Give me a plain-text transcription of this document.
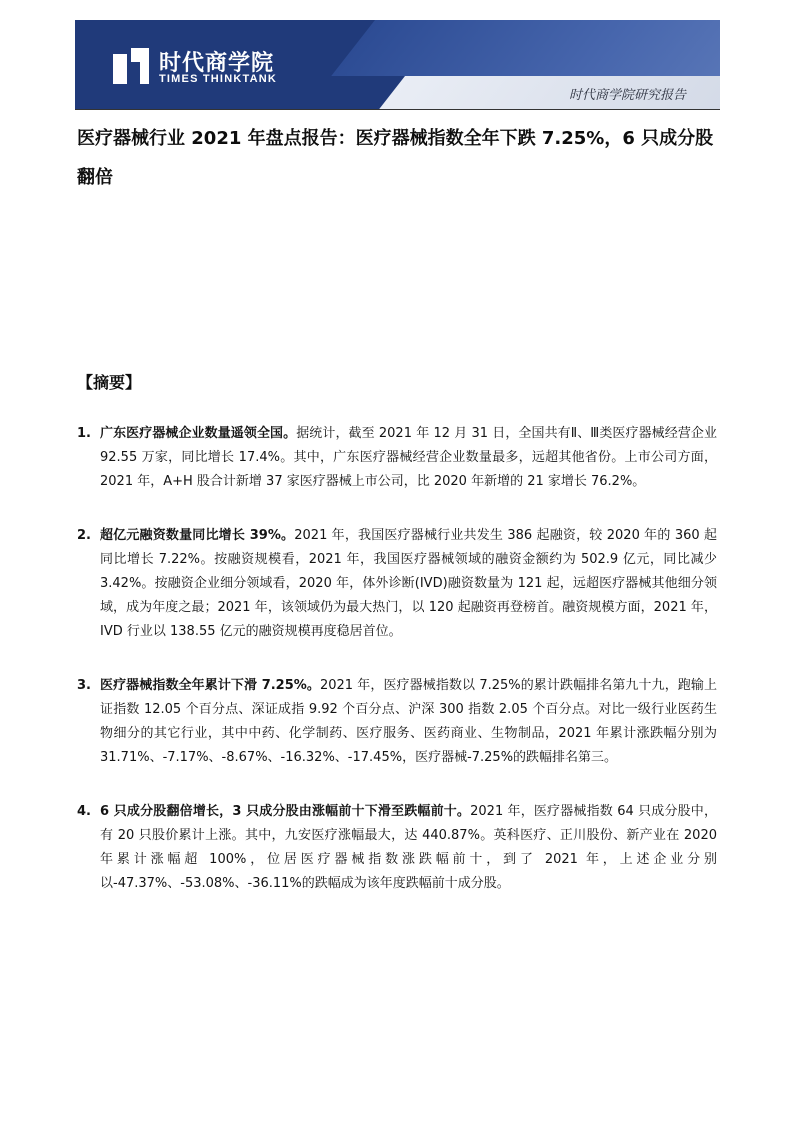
时代商学院
TIMES THINKTANK
时代商学院研究报告
医疗器械行业 2021 年盘点报告：医疗器械指数全年下跌 7.25%，6 只成分股翻倍
【摘要】
1. 广东医疗器械企业数量遥领全国。据统计，截至 2021 年 12 月 31 日，全国共有Ⅱ、Ⅲ类医疗器械经营企业 92.55 万家，同比增长 17.4%。其中，广东医疗器械经营企业数量最多，远超其他省份。上市公司方面，2021 年，A+H 股合计新增 37 家医疗器械上市公司，比 2020 年新增的 21 家增长 76.2%。
2. 超亿元融资数量同比增长 39%。2021 年，我国医疗器械行业共发生 386 起融资，较 2020 年的 360 起同比增长 7.22%。按融资规模看，2021 年，我国医疗器械领域的融资金额约为 502.9 亿元，同比减少 3.42%。按融资企业细分领域看，2020 年，体外诊断(IVD)融资数量为 121 起，远超医疗器械其他细分领域，成为年度之最；2021 年，该领域仍为最大热门，以 120 起融资再登榜首。融资规模方面，2021 年，IVD 行业以 138.55 亿元的融资规模再度稳居首位。
3. 医疗器械指数全年累计下滑 7.25%。2021 年，医疗器械指数以 7.25%的累计跌幅排名第九十九，跑输上证指数 12.05 个百分点、深证成指 9.92 个百分点、沪深 300 指数 2.05 个百分点。对比一级行业医药生物细分的其它行业，其中中药、化学制药、医疗服务、医药商业、生物制品，2021 年累计涨跌幅分别为 31.71%、-7.17%、-8.67%、-16.32%、-17.45%，医疗器械-7.25%的跌幅排名第三。
4. 6 只成分股翻倍增长，3 只成分股由涨幅前十下滑至跌幅前十。2021 年，医疗器械指数 64 只成分股中，有 20 只股价累计上涨。其中，九安医疗涨幅最大，达 440.87%。英科医疗、正川股份、新产业在 2020 年累计涨幅超 100%，位居医疗器械指数涨跌幅前十，到了 2021 年，上述企业分别以-47.37%、-53.08%、-36.11%的跌幅成为该年度跌幅前十成分股。
